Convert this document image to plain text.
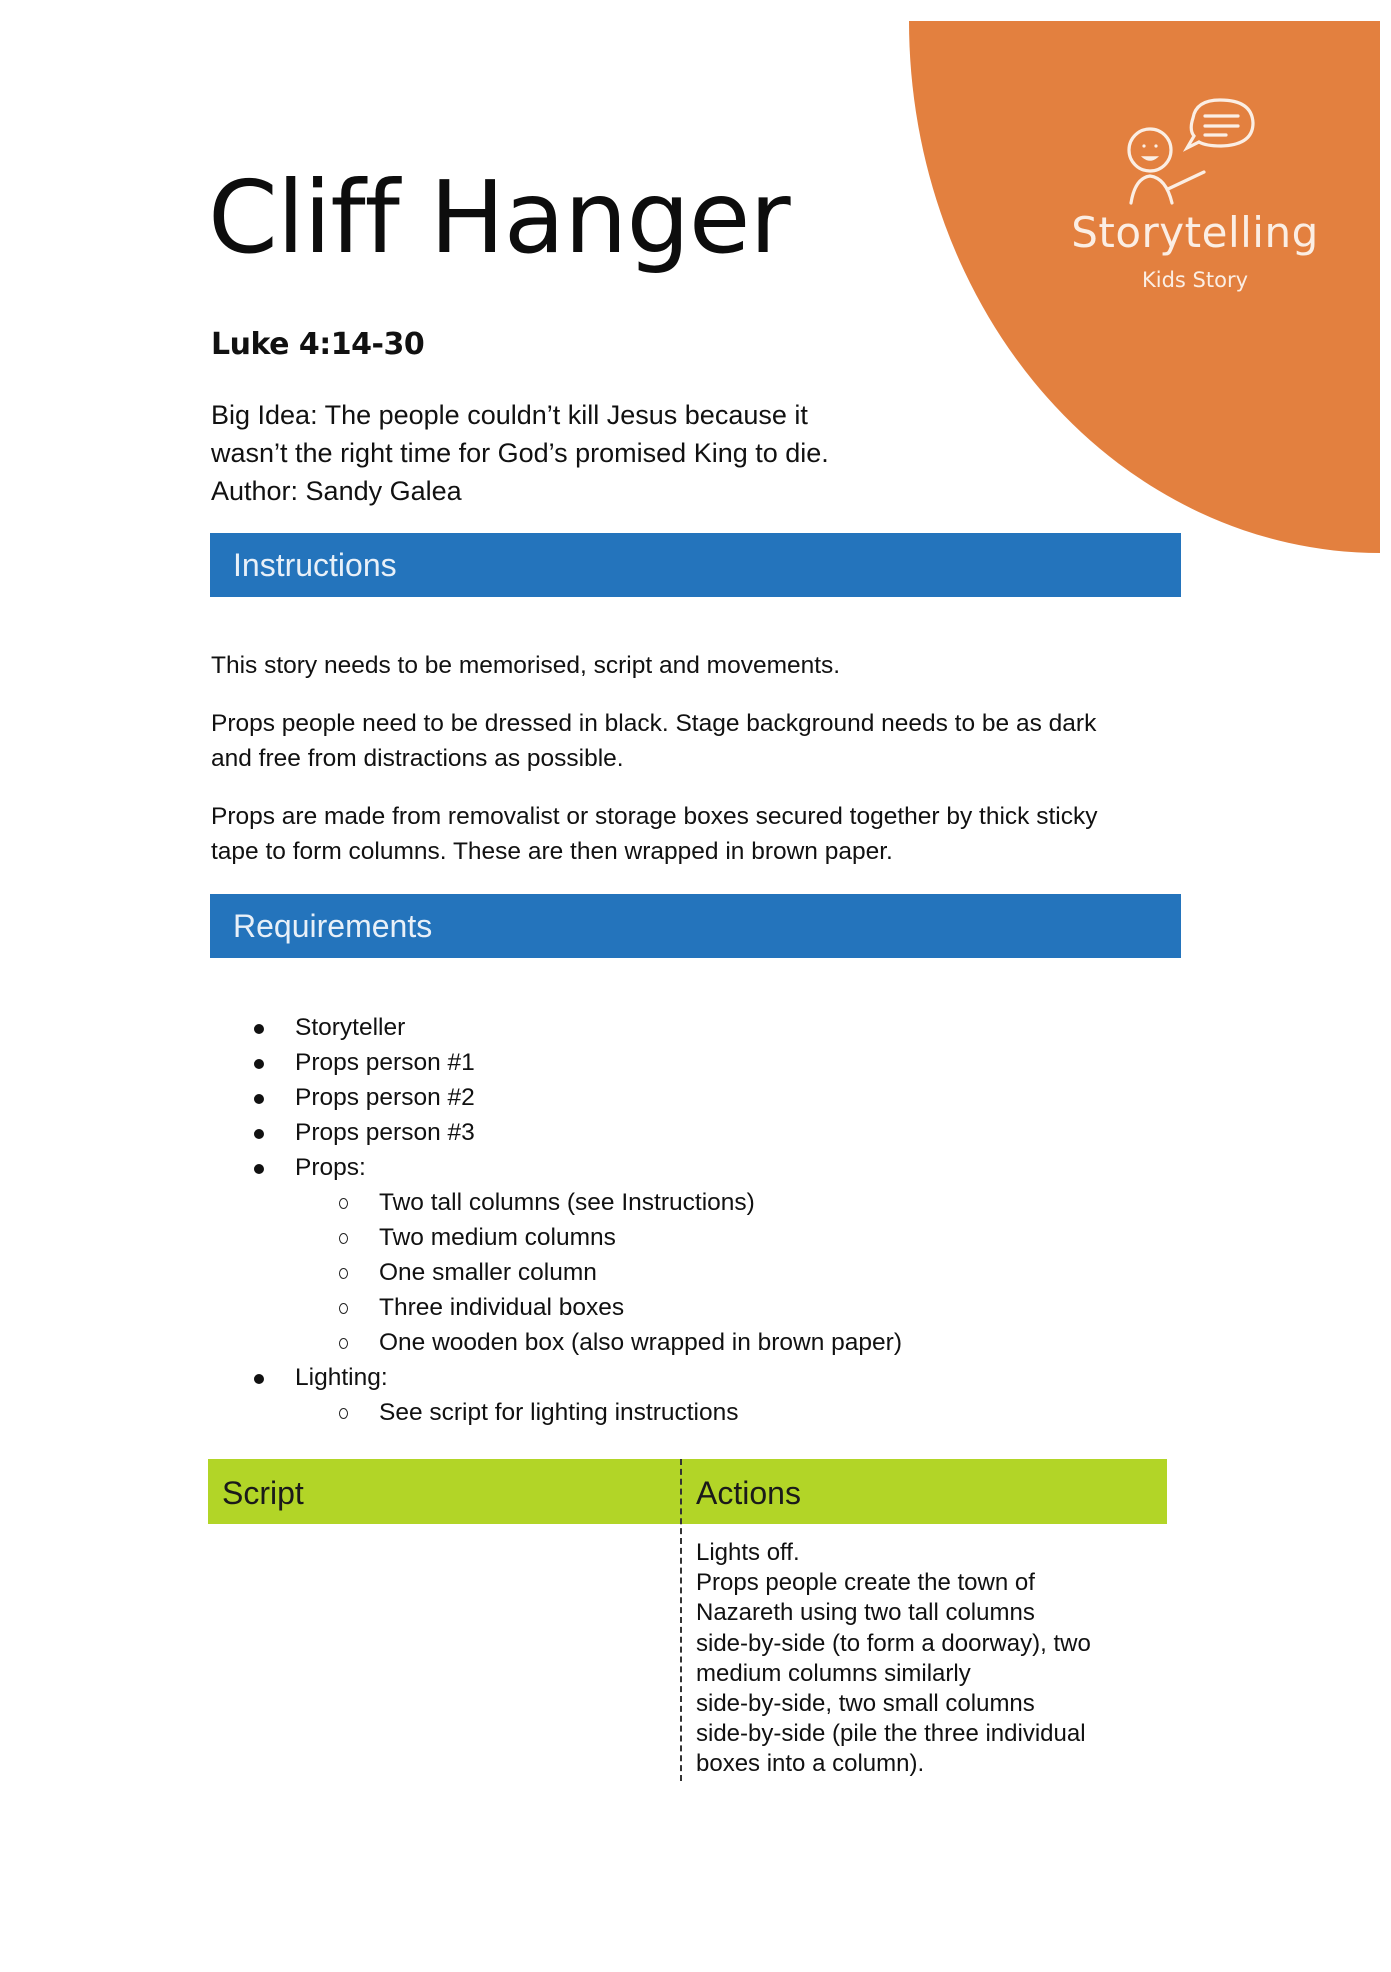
Storytelling
Kids Story
Cliff Hanger
Luke 4:14-30
Big Idea: The people couldn’t kill Jesus because it
wasn’t the right time for God’s promised King to die.
Author: Sandy Galea
Instructions
This story needs to be memorised, script and movements.
Props people need to be dressed in black. Stage background needs to be as dark
and free from distractions as possible.
Props are made from removalist or storage boxes secured together by thick sticky
tape to form columns. These are then wrapped in brown paper.
Requirements
Storyteller
Props person #1
Props person #2
Props person #3
Props:
Two tall columns (see Instructions)
Two medium columns
One smaller column
Three individual boxes
One wooden box (also wrapped in brown paper)
Lighting:
See script for lighting instructions
Script	Actions
Lights off.
Props people create the town of
Nazareth using two tall columns
side-by-side (to form a doorway), two
medium columns similarly
side-by-side, two small columns
side-by-side (pile the three individual
boxes into a column).
